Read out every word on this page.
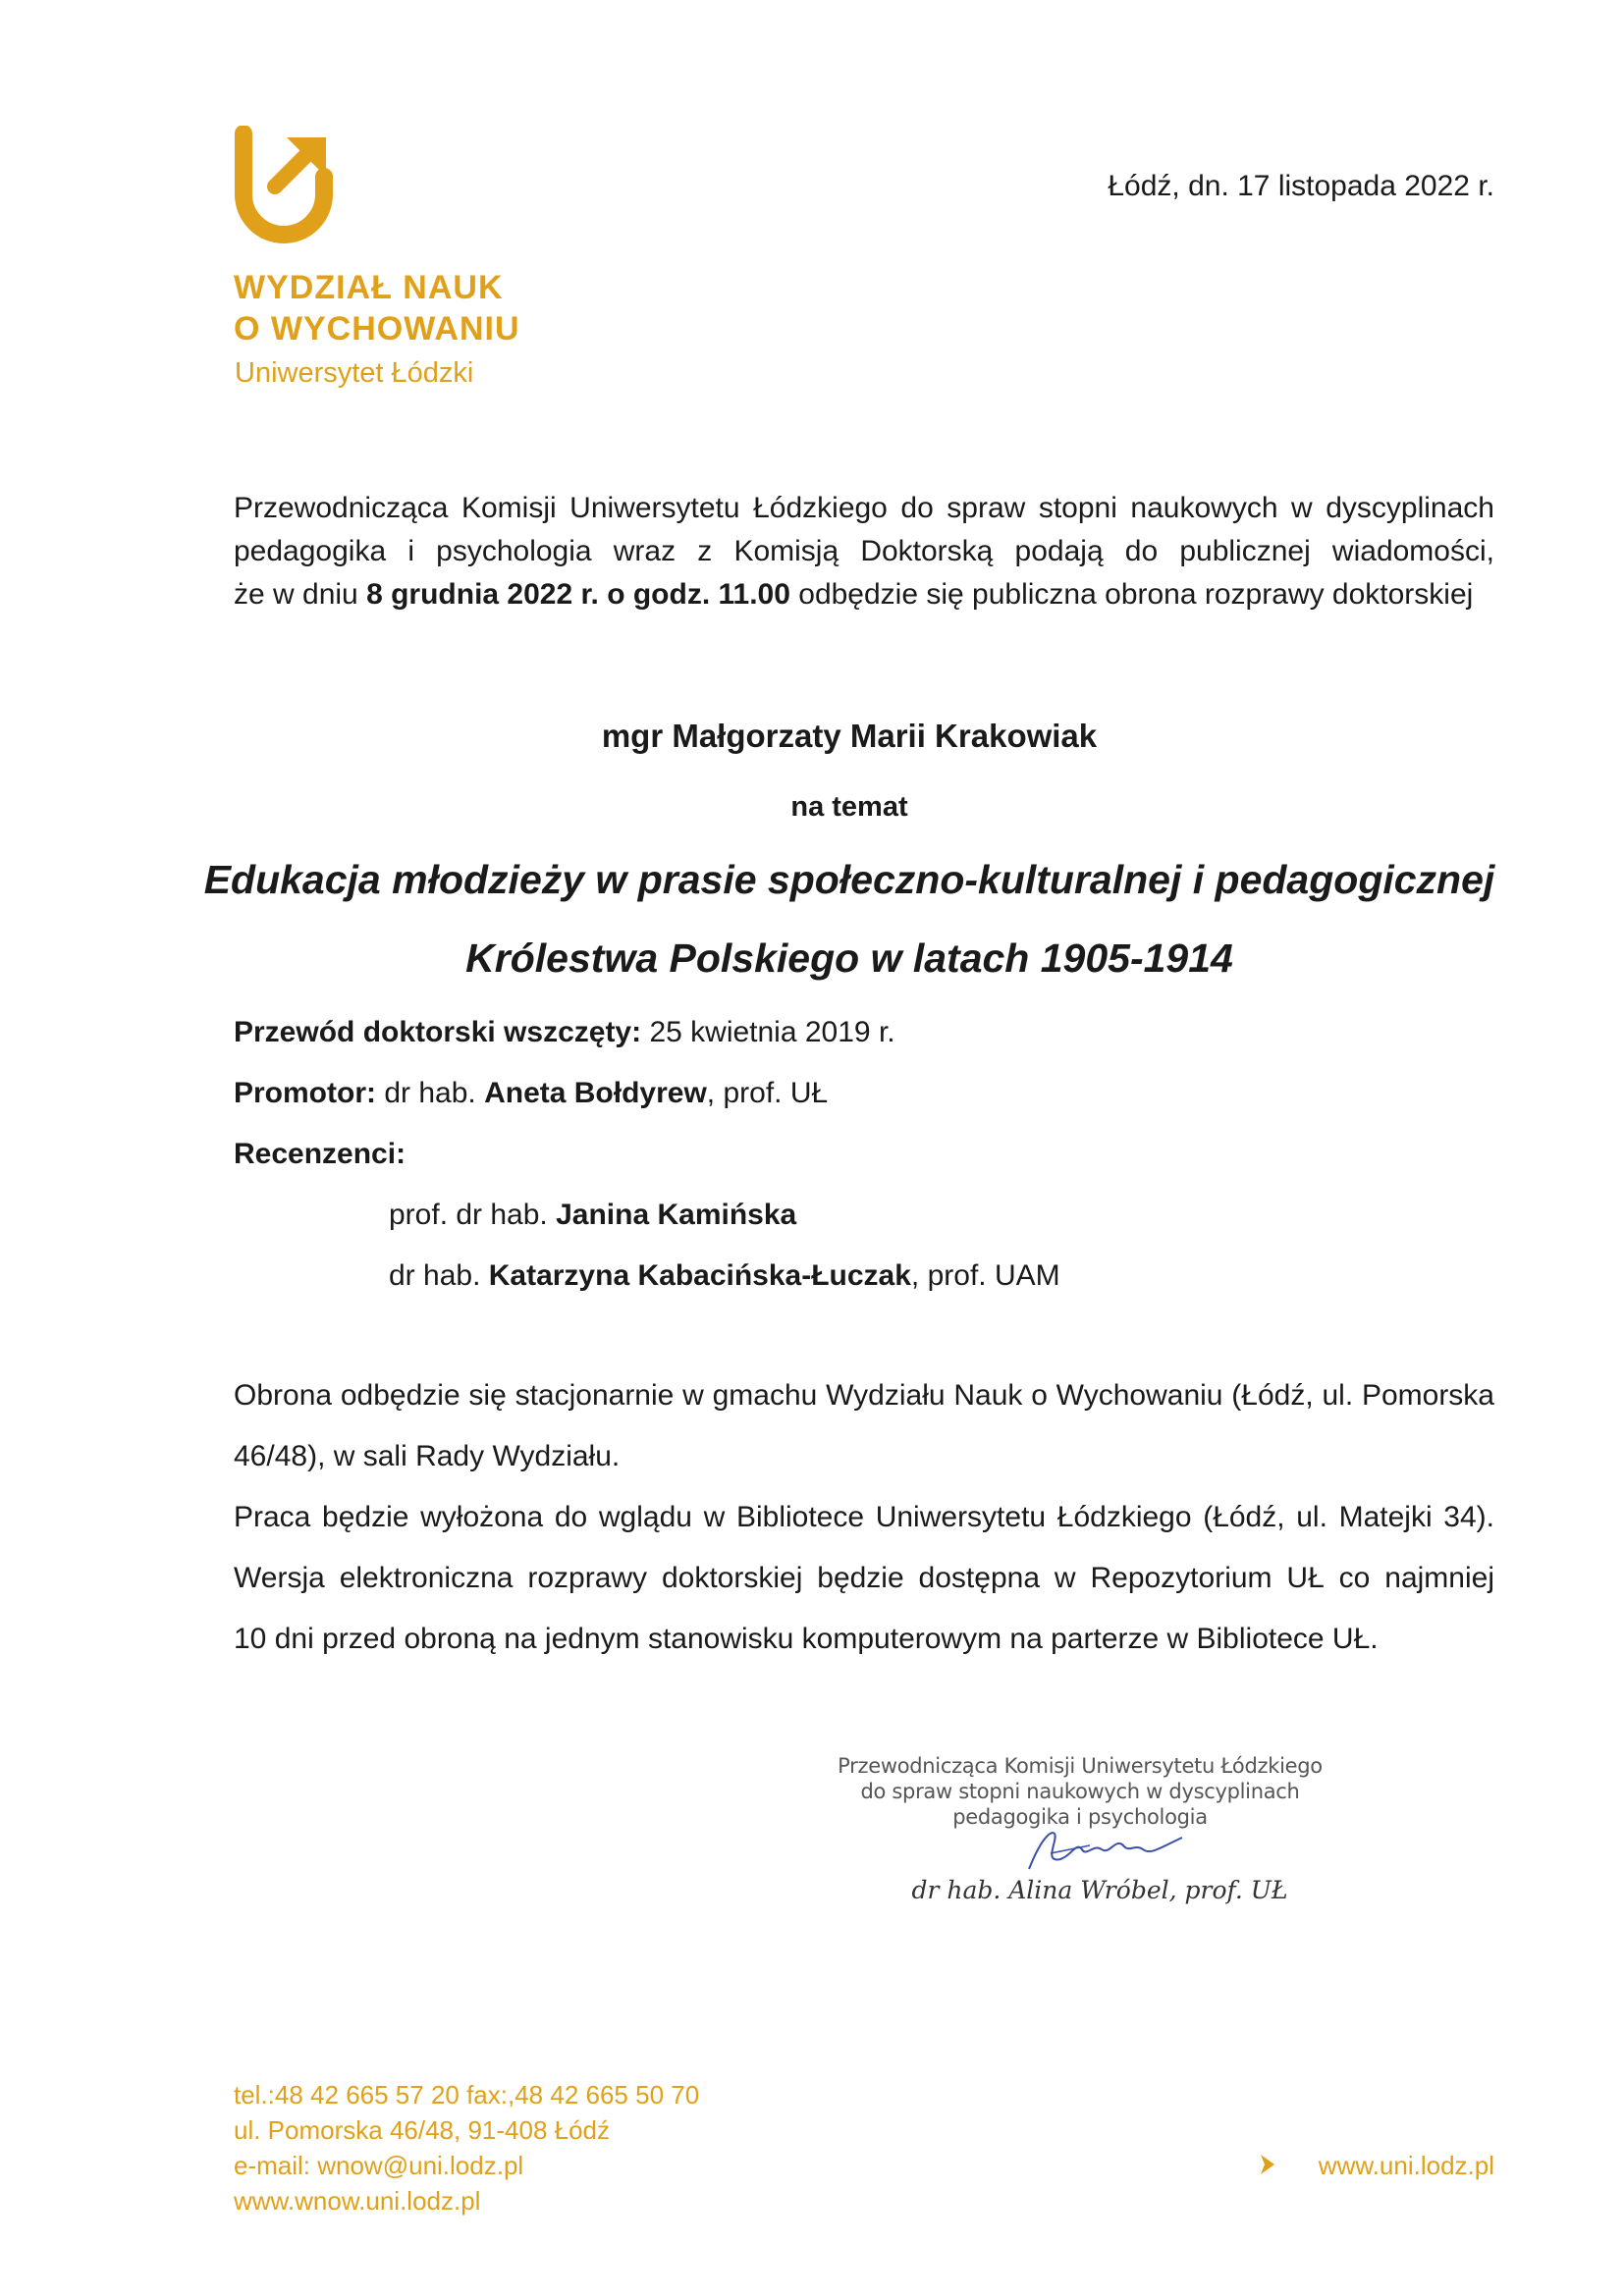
WYDZIAŁ NAUK
O WYCHOWANIU
Uniwersytet Łódzki
Łódź, dn. 17 listopada 2022 r.
Przewodnicząca Komisji Uniwersytetu Łódzkiego do spraw stopni naukowych w dyscyplinach
pedagogika i psychologia wraz z Komisją Doktorską podają do publicznej wiadomości,
że w dniu 8 grudnia 2022 r. o godz. 11.00 odbędzie się publiczna obrona rozprawy doktorskiej
mgr Małgorzaty Marii Krakowiak
na temat
Edukacja młodzieży w prasie społeczno-kulturalnej i pedagogicznej
Królestwa Polskiego w latach 1905-1914
Przewód doktorski wszczęty: 25 kwietnia 2019 r.
Promotor: dr hab. Aneta Bołdyrew, prof. UŁ
Recenzenci:
prof. dr hab. Janina Kamińska
dr hab. Katarzyna Kabacińska-Łuczak, prof. UAM
Obrona odbędzie się stacjonarnie w gmachu Wydziału Nauk o Wychowaniu (Łódź, ul. Pomorska
46/48), w sali Rady Wydziału.
Praca będzie wyłożona do wglądu w Bibliotece Uniwersytetu Łódzkiego (Łódź, ul. Matejki 34).
Wersja elektroniczna rozprawy doktorskiej będzie dostępna w Repozytorium UŁ co najmniej
10 dni przed obroną na jednym stanowisku komputerowym na parterze w Bibliotece UŁ.
Przewodnicząca Komisji Uniwersytetu Łódzkiego
do spraw stopni naukowych w dyscyplinach
pedagogika i psychologia
dr hab. Alina Wróbel, prof. UŁ
tel.:48 42 665 57 20 fax:,48 42 665 50 70
ul. Pomorska 46/48, 91-408 Łódź
e-mail: wnow@uni.lodz.pl
www.wnow.uni.lodz.pl
www.uni.lodz.pl
